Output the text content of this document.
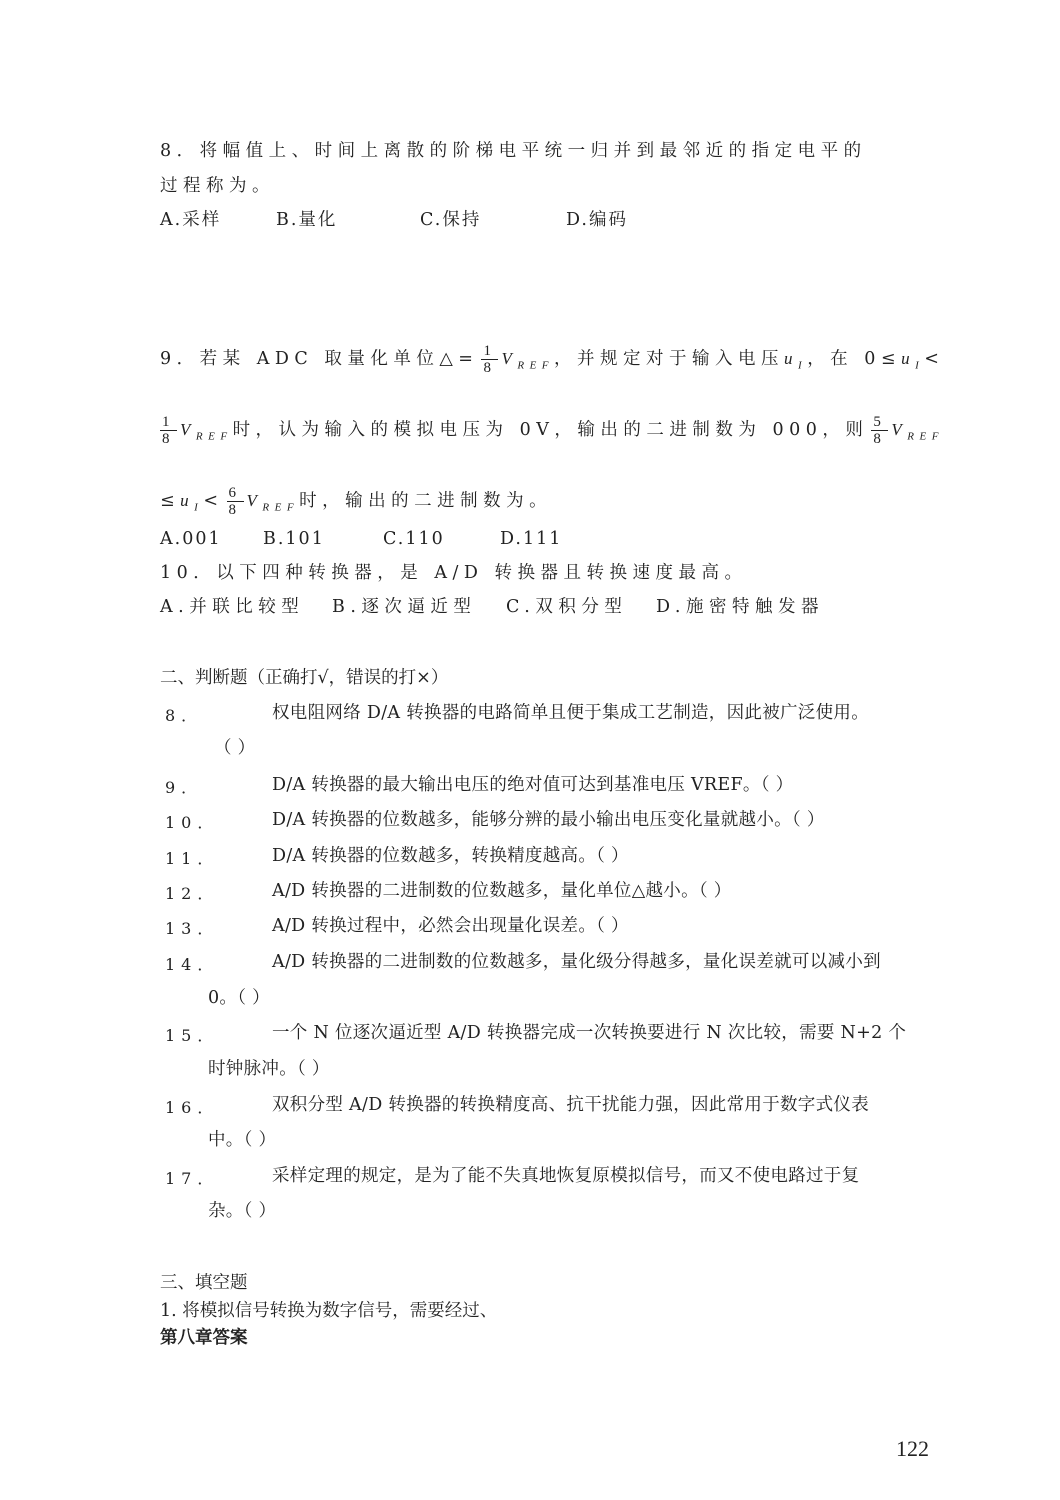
8．将幅值上、时间上离散的阶梯电平统一归并到最邻近的指定电平的
过程称为。
A.采样	B.量化	C.保持	D.编码
9．若某 ADC 取量化单位△= $\frac{1}{8} V_{REF}$，并规定对于输入电压$u_I$，在 $0\le u_I<$
$\frac{1}{8} V_{REF}$时，认为输入的模拟电压为 0V，输出的二进制数为 000，则 $\frac{5}{8} V_{REF}$
$\le u_I< \frac{6}{8} V_{REF}$时，输出的二进制数为。
A.001 B.101	C.110	D.111
10．以下四种转换器，是 A/D 转换器且转换速度最高。
A.并联比较型 B.逐次逼近型 C.双积分型 D.施密特触发器
二、判断题（正确打√，错误的打×）
8．	权电阻网络 D/A 转换器的电路简单且便于集成工艺制造，因此被广泛使用。
（ ）
9．	D/A 转换器的最大输出电压的绝对值可达到基准电压 VREF。（ ）
10．	D/A 转换器的位数越多，能够分辨的最小输出电压变化量就越小。（ ）
11．	D/A 转换器的位数越多，转换精度越高。（ ）
12．	A/D 转换器的二进制数的位数越多，量化单位△越小。（ ）
13．	A/D 转换过程中，必然会出现量化误差。（ ）
14．	A/D 转换器的二进制数的位数越多，量化级分得越多，量化误差就可以减小到
0。（ ）
15．	一个 N 位逐次逼近型 A/D 转换器完成一次转换要进行 N 次比较，需要 N+2 个
时钟脉冲。（ ）
16．	双积分型 A/D 转换器的转换精度高、抗干扰能力强，因此常用于数字式仪表
中。（ ）
17．	采样定理的规定，是为了能不失真地恢复原模拟信号，而又不使电路过于复
杂。（ ）
三、填空题
1. 将模拟信号转换为数字信号，需要经过、
第八章答案
122
